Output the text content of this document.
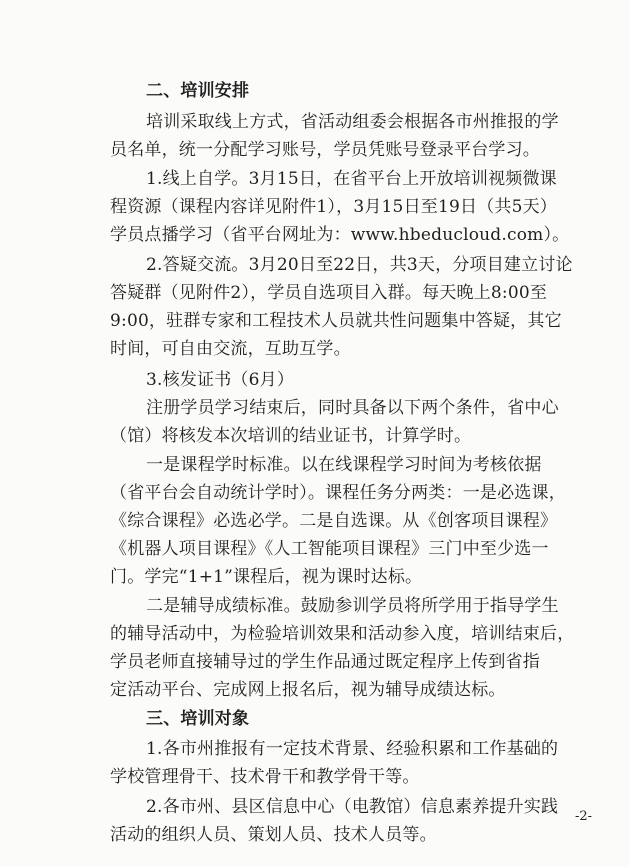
二、培训安排
培训采取线上方式，省活动组委会根据各市州推报的学
员名单，统一分配学习账号，学员凭账号登录平台学习。
1.线上自学。3月15日，在省平台上开放培训视频微课
程资源（课程内容详见附件1），3月15日至19日（共5天）
学员点播学习（省平台网址为：www.hbeducloud.com）。
2.答疑交流。3月20日至22日，共3天，分项目建立讨论
答疑群（见附件2），学员自选项目入群。每天晚上8:00至
9:00，驻群专家和工程技术人员就共性问题集中答疑，其它
时间，可自由交流，互助互学。
3.核发证书（6月）
注册学员学习结束后，同时具备以下两个条件，省中心
（馆）将核发本次培训的结业证书，计算学时。
一是课程学时标准。以在线课程学习时间为考核依据
（省平台会自动统计学时）。课程任务分两类：一是必选课，
《综合课程》必选必学。二是自选课。从《创客项目课程》
《机器人项目课程》《人工智能项目课程》三门中至少选一
门。学完“1+1”课程后，视为课时达标。
二是辅导成绩标准。鼓励参训学员将所学用于指导学生
的辅导活动中，为检验培训效果和活动参入度，培训结束后，
学员老师直接辅导过的学生作品通过既定程序上传到省指
定活动平台、完成网上报名后，视为辅导成绩达标。
三、培训对象
1.各市州推报有一定技术背景、经验积累和工作基础的
学校管理骨干、技术骨干和教学骨干等。
2.各市州、县区信息中心（电教馆）信息素养提升实践
活动的组织人员、策划人员、技术人员等。
-2-
